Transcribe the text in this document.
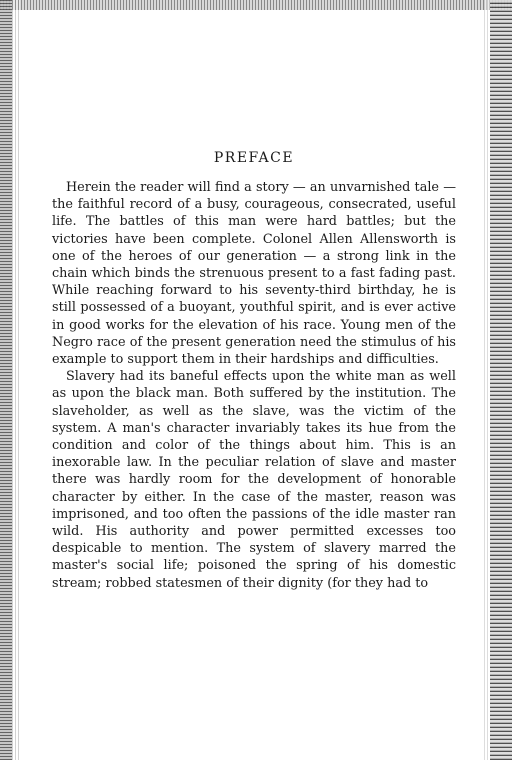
PREFACE

Herein the reader will find a story — an unvarnished tale — the faithful record of a busy, courageous, consecrated, useful life. The battles of this man were hard battles; but the victories have been complete. Colonel Allen Allensworth is one of the heroes of our generation — a strong link in the chain which binds the strenuous present to a fast fading past. While reaching forward to his seventy-third birthday, he is still possessed of a buoyant, youthful spirit, and is ever active in good works for the elevation of his race. Young men of the Negro race of the present generation need the stimulus of his example to support them in their hardships and difficulties.

Slavery had its baneful effects upon the white man as well as upon the black man. Both suffered by the institution. The slaveholder, as well as the slave, was the victim of the system. A man's character invariably takes its hue from the condition and color of the things about him. This is an inexorable law. In the peculiar relation of slave and master there was hardly room for the development of honorable character by either. In the case of the master, reason was imprisoned, and too often the passions of the idle master ran wild. His authority and power permitted excesses too despicable to mention. The system of slavery marred the master's social life; poisoned the spring of his domestic stream; robbed statesmen of their dignity (for they had to
